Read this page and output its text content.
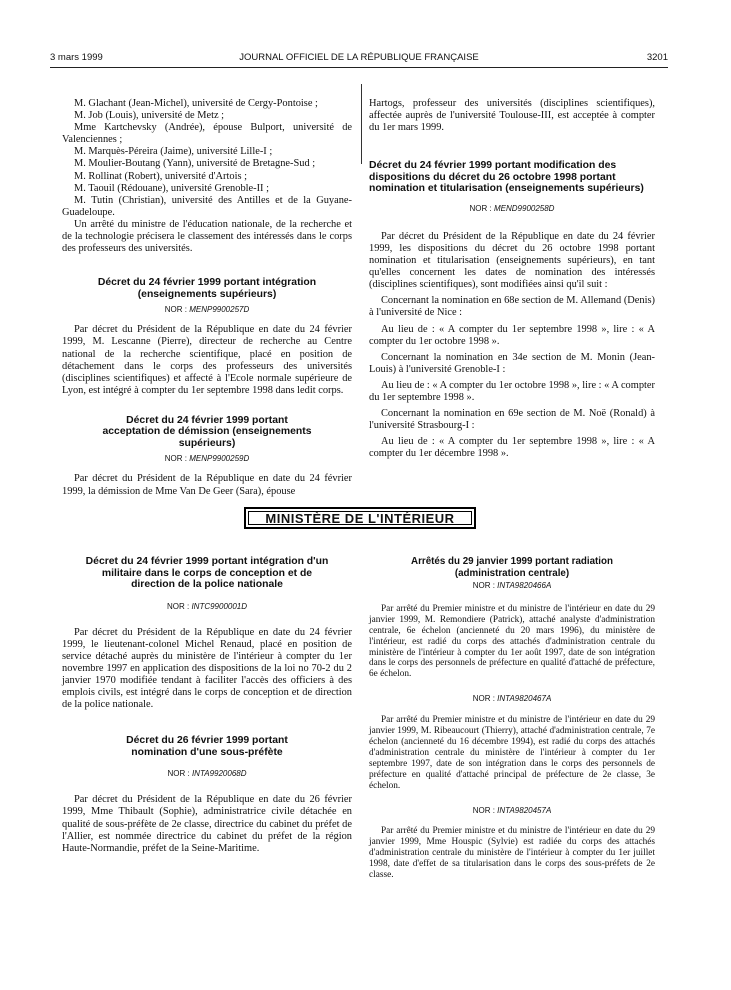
3 mars 1999	JOURNAL OFFICIEL DE LA RÉPUBLIQUE FRANÇAISE	3201

M. Glachant (Jean-Michel), université de Cergy-Pontoise ;

M. Job (Louis), université de Metz ;

Mme Kartchevsky (Andrée), épouse Bulport, université de Valenciennes ;

M. Marquès-Péreira (Jaime), université Lille-I ;

M. Moulier-Boutang (Yann), université de Bretagne-Sud ;

M. Rollinat (Robert), université d'Artois ;

M. Taouil (Rédouane), université Grenoble-II ;

M. Tutin (Christian), université des Antilles et de la Guyane-Guadeloupe.

Un arrêté du ministre de l'éducation nationale, de la recherche et de la technologie précisera le classement des intéressés dans le corps des professeurs des universités.

Décret du 24 février 1999 portant intégration (enseignements supérieurs)
NOR : MENP9900257D

Par décret du Président de la République en date du 24 février 1999, M. Lescanne (Pierre), directeur de recherche au Centre national de la recherche scientifique, placé en position de détachement dans le corps des professeurs des universités (disciplines scientifiques) et affecté à l'Ecole normale supérieure de Lyon, est intégré à compter du 1er septembre 1998 dans ledit corps.

Décret du 24 février 1999 portant acceptation de démission (enseignements supérieurs)
NOR : MENP9900259D

Par décret du Président de la République en date du 24 février 1999, la démission de Mme Van De Geer (Sara), épouse

Hartogs, professeur des universités (disciplines scientifiques), affectée auprès de l'université Toulouse-III, est acceptée à compter du 1er mars 1999.

Décret du 24 février 1999 portant modification des dispositions du décret du 26 octobre 1998 portant nomination et titularisation (enseignements supérieurs)
NOR : MEND9900258D

Par décret du Président de la République en date du 24 février 1999, les dispositions du décret du 26 octobre 1998 portant nomination et titularisation (enseignements supérieurs), en tant qu'elles concernent les dates de nomination des intéressés (disciplines scientifiques), sont modifiées ainsi qu'il suit :

Concernant la nomination en 68e section de M. Allemand (Denis) à l'université de Nice :

Au lieu de : « A compter du 1er septembre 1998 », lire : « A compter du 1er octobre 1998 ».

Concernant la nomination en 34e section de M. Monin (Jean-Louis) à l'université Grenoble-I :

Au lieu de : « A compter du 1er octobre 1998 », lire : « A compter du 1er septembre 1998 ».

Concernant la nomination en 69e section de M. Noë (Ronald) à l'université Strasbourg-I :

Au lieu de : « A compter du 1er septembre 1998 », lire : « A compter du 1er décembre 1998 ».

MINISTÈRE DE L'INTÉRIEUR
Décret du 24 février 1999 portant intégration d'un militaire dans le corps de conception et de direction de la police nationale
NOR : INTC9900001D

Par décret du Président de la République en date du 24 février 1999, le lieutenant-colonel Michel Renaud, placé en position de service détaché auprès du ministère de l'intérieur à compter du 1er novembre 1997 en application des dispositions de la loi no 70-2 du 2 janvier 1970 modifiée tendant à faciliter l'accès des officiers à des emplois civils, est intégré dans le corps de conception et de direction de la police nationale.

Décret du 26 février 1999 portant nomination d'une sous-préfète
NOR : INTA9920068D

Par décret du Président de la République en date du 26 février 1999, Mme Thibault (Sophie), administratrice civile détachée en qualité de sous-préfète de 2e classe, directrice du cabinet du préfet de l'Allier, est nommée directrice du cabinet du préfet de la région Haute-Normandie, préfet de la Seine-Maritime.

Arrêtés du 29 janvier 1999 portant radiation (administration centrale)
NOR : INTA9820466A

Par arrêté du Premier ministre et du ministre de l'intérieur en date du 29 janvier 1999, M. Remondiere (Patrick), attaché analyste d'administration centrale, 6e échelon (ancienneté du 20 mars 1996), du ministère de l'intérieur, est radié du corps des attachés d'administration centrale du ministère de l'intérieur à compter du 1er août 1997, date de son intégration dans le corps des personnels de préfecture en qualité d'attaché de préfecture, 6e échelon.

NOR : INTA9820467A

Par arrêté du Premier ministre et du ministre de l'intérieur en date du 29 janvier 1999, M. Ribeaucourt (Thierry), attaché d'administration centrale, 7e échelon (ancienneté du 16 décembre 1994), est radié du corps des attachés d'administration centrale du ministère de l'intérieur à compter du 1er septembre 1997, date de son intégration dans le corps des personnels de préfecture en qualité d'attaché principal de préfecture de 2e classe, 3e échelon.

NOR : INTA9820457A

Par arrêté du Premier ministre et du ministre de l'intérieur en date du 29 janvier 1999, Mme Houspic (Sylvie) est radiée du corps des attachés d'administration centrale du ministère de l'intérieur à compter du 1er juillet 1998, date d'effet de sa titularisation dans le corps des sous-préfets de 2e classe.
